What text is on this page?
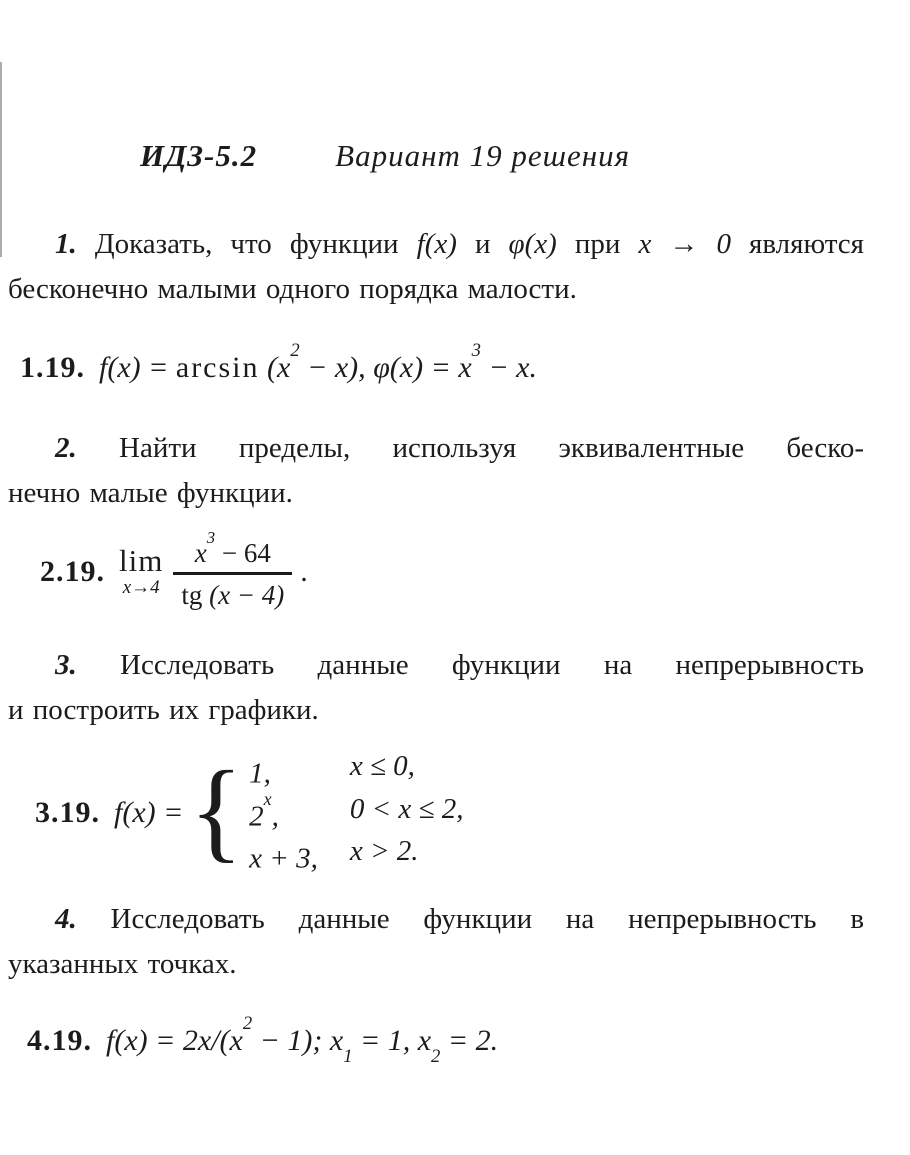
ИДЗ-5.2	Вариант 19 решения
1. Доказать, что функции f(x) и φ(x) при x → 0 являются
бесконечно малыми одного порядка малости.
1.19. $f(x) = \arcsin (x^2 - x)$, $\varphi(x) = x^3 - x$.
2. Найти пределы, используя эквивалентные беско-
нечно малые функции.
2.19. lim
$x\to 4 \frac{x^3 - 64}{tg (x - 4)}$ .
3. Исследовать данные функции на непрерывность
и построить их графики.
3.19. f(x) = { 1,	x ≤ 0,
2$^x$,	0 < x ≤ 2,
x + 3, x > 2.
4. Исследовать данные функции на непрерывность в
указанных точках.
4.19. $f(x) = 2x/(x^2 - 1)$; $x_1 = 1$, $x_2 = 2$.
